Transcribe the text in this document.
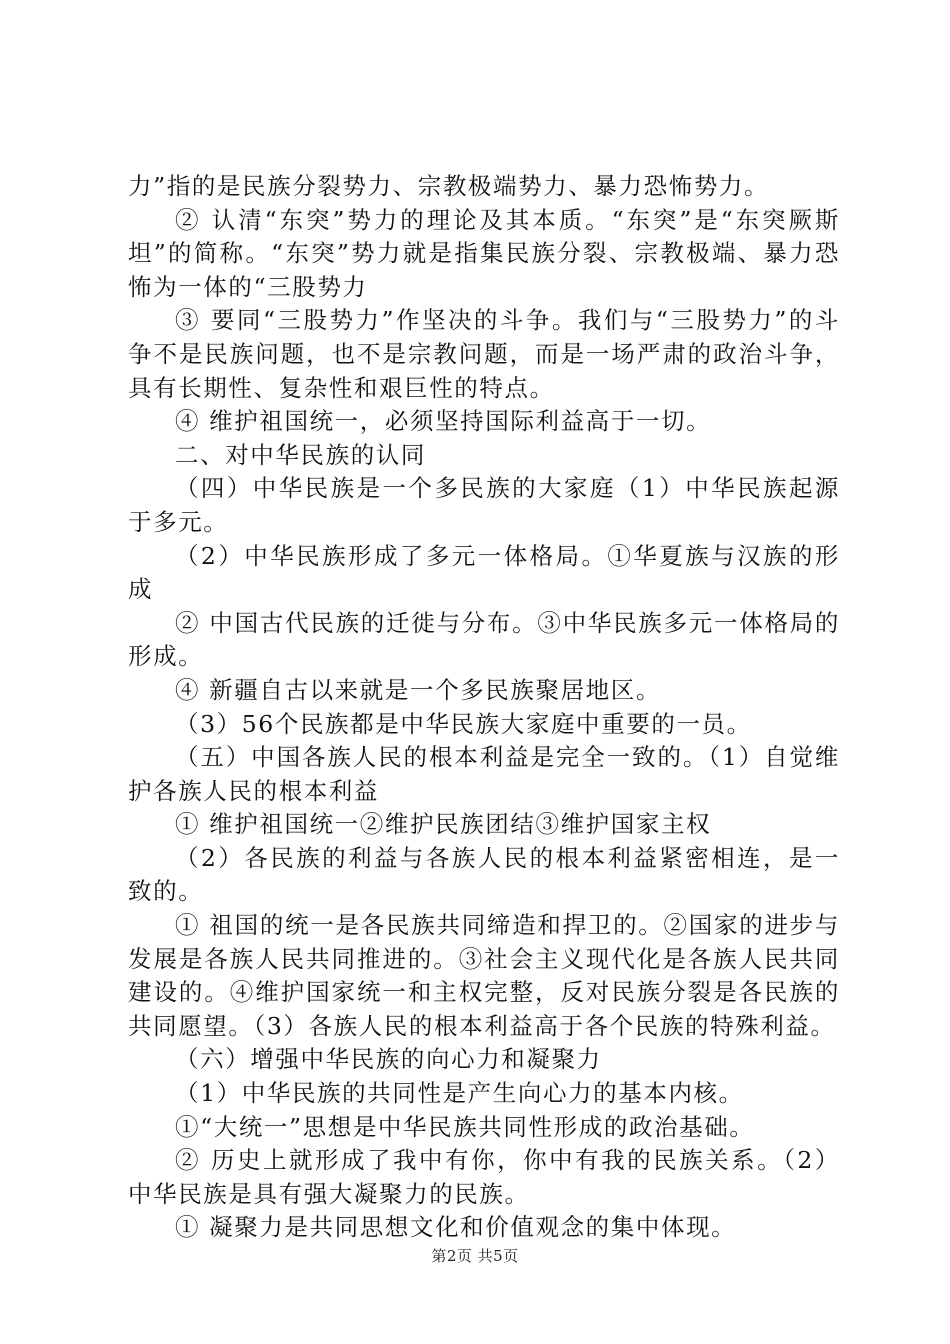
力”指的是民族分裂势力、宗教极端势力、暴力恐怖势力。

② 认清“东突”势力的理论及其本质。“东突”是“东突厥斯坦”的简称。“东突”势力就是指集民族分裂、宗教极端、暴力恐怖为一体的“三股势力

③ 要同“三股势力”作坚决的斗争。我们与“三股势力”的斗争不是民族问题，也不是宗教问题，而是一场严肃的政治斗争，具有长期性、复杂性和艰巨性的特点。

④ 维护祖国统一，必须坚持国际利益高于一切。

二、对中华民族的认同

（四）中华民族是一个多民族的大家庭（1）中华民族起源于多元。

（2）中华民族形成了多元一体格局。①华夏族与汉族的形成

② 中国古代民族的迁徙与分布。③中华民族多元一体格局的形成。

④ 新疆自古以来就是一个多民族聚居地区。

（3）56个民族都是中华民族大家庭中重要的一员。

（五）中国各族人民的根本利益是完全一致的。（1）自觉维护各族人民的根本利益

① 维护祖国统一②维护民族团结③维护国家主权

（2）各民族的利益与各族人民的根本利益紧密相连，是一致的。

① 祖国的统一是各民族共同缔造和捍卫的。②国家的进步与发展是各族人民共同推进的。③社会主义现代化是各族人民共同建设的。④维护国家统一和主权完整，反对民族分裂是各民族的共同愿望。（3）各族人民的根本利益高于各个民族的特殊利益。

（六）增强中华民族的向心力和凝聚力

（1）中华民族的共同性是产生向心力的基本内核。

①“大统一”思想是中华民族共同性形成的政治基础。

② 历史上就形成了我中有你，你中有我的民族关系。（2）中华民族是具有强大凝聚力的民族。

① 凝聚力是共同思想文化和价值观念的集中体现。

第2页 共5页
